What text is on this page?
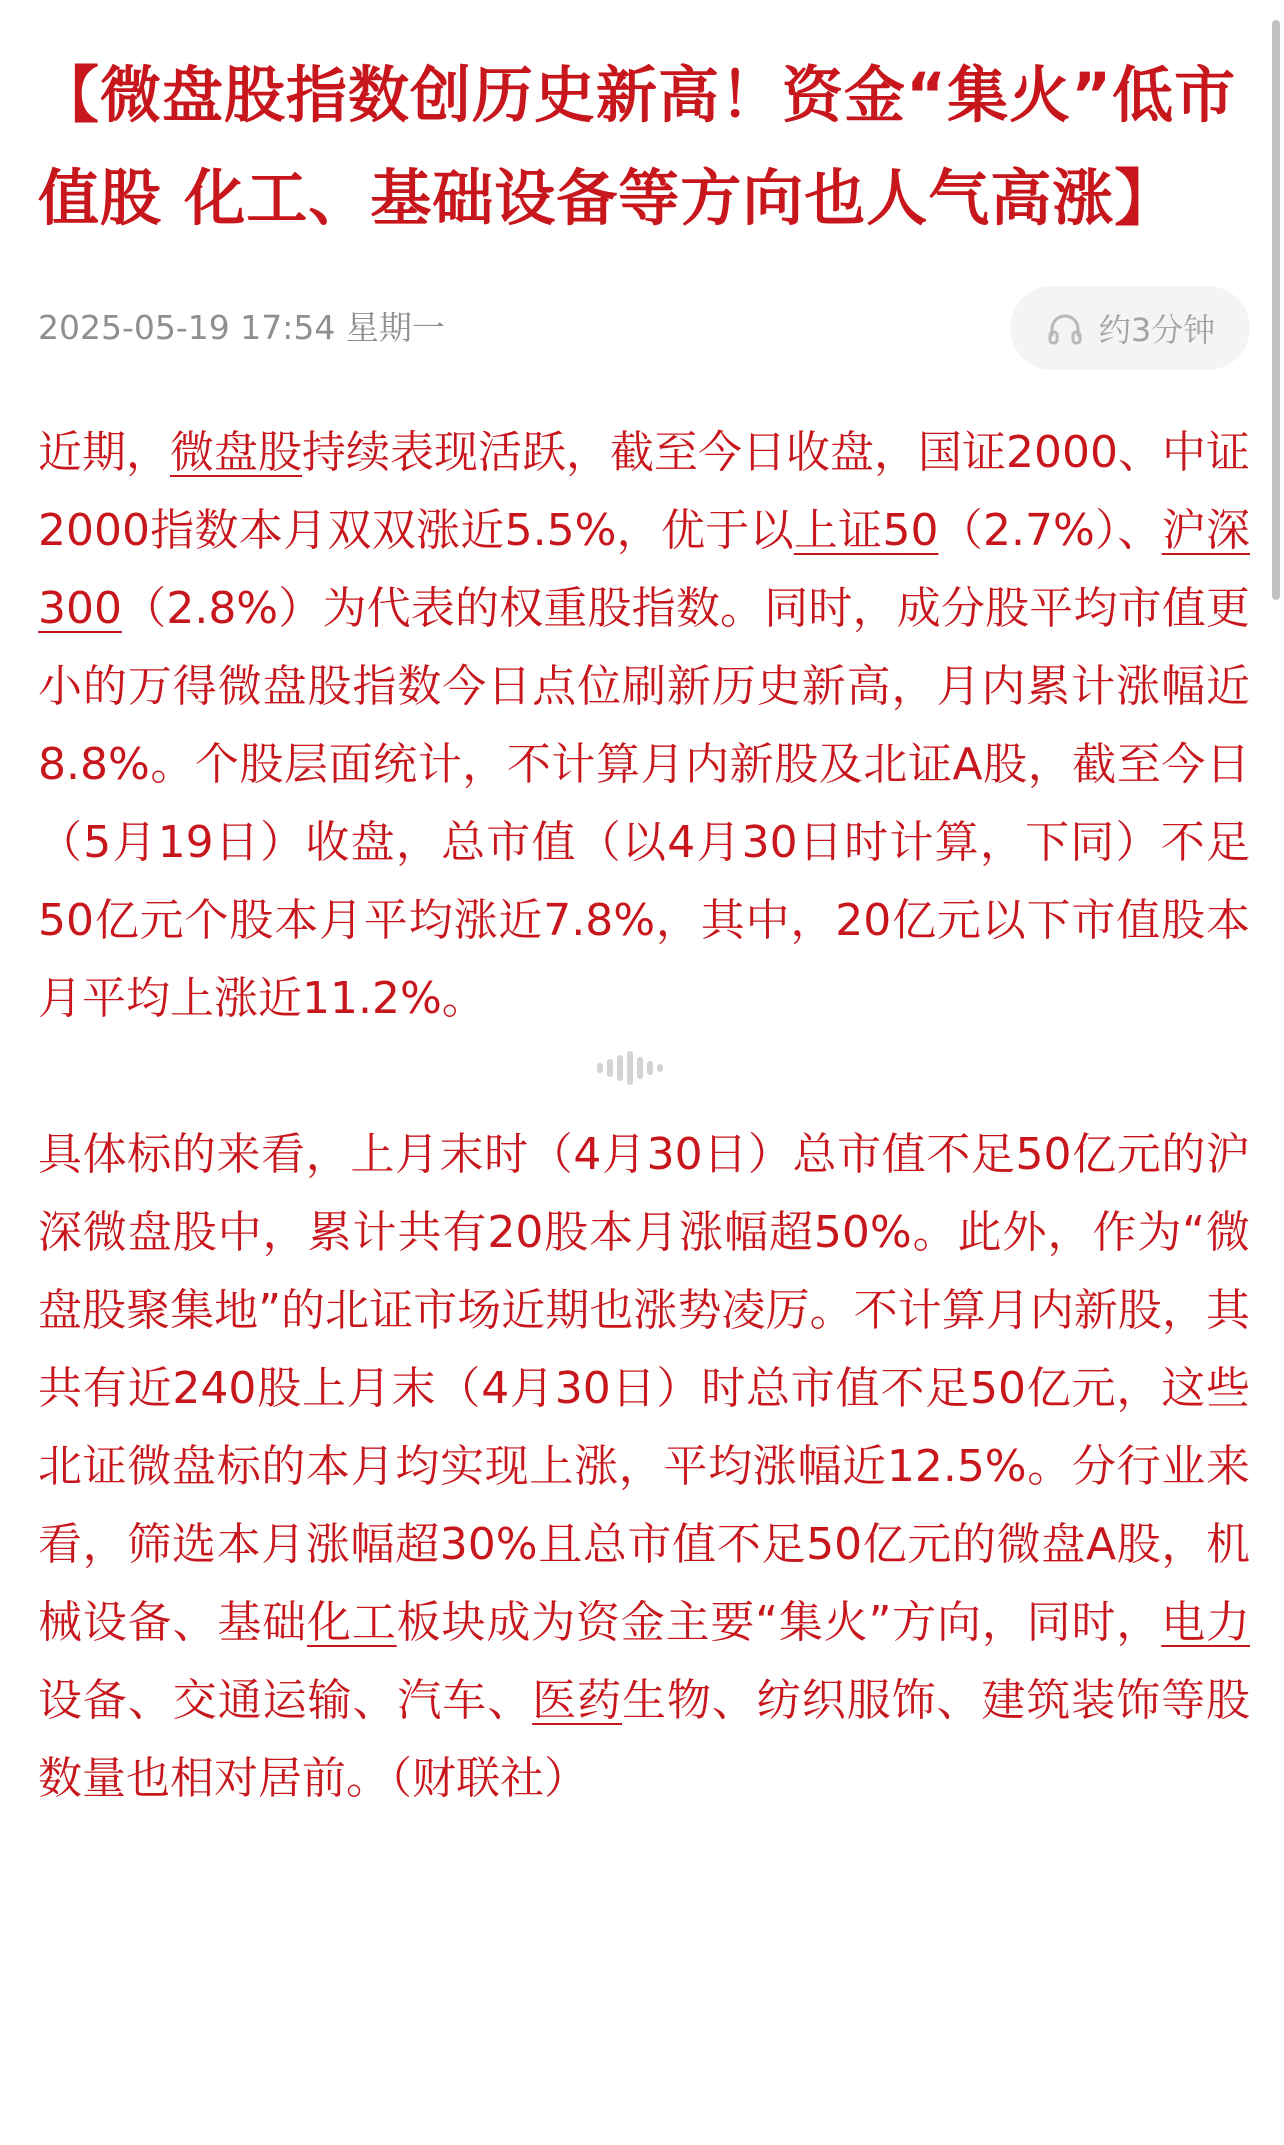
【微盘股指数创历史新高！资金“集火”低市值股 化工、基础设备等方向也人气高涨】
2025-05-19 17:54 星期一	约3分钟

近期，微盘股持续表现活跃，截至今日收盘，国证2000、中证2000指数本月双双涨近5.5%，优于以上证50（2.7%）、沪深300（2.8%）为代表的权重股指数。同时，成分股平均市值更小的万得微盘股指数今日点位刷新历史新高，月内累计涨幅近8.8%。个股层面统计，不计算月内新股及北证A股，截至今日（5月19日）收盘，总市值（以4月30日时计算，下同）不足50亿元个股本月平均涨近7.8%，其中，20亿元以下市值股本月平均上涨近11.2%。

具体标的来看，上月末时（4月30日）总市值不足50亿元的沪深微盘股中，累计共有20股本月涨幅超50%。此外，作为“微盘股聚集地”的北证市场近期也涨势凌厉。不计算月内新股，其共有近240股上月末（4月30日）时总市值不足50亿元，这些北证微盘标的本月均实现上涨，平均涨幅近12.5%。分行业来看，筛选本月涨幅超30%且总市值不足50亿元的微盘A股，机械设备、基础化工板块成为资金主要“集火”方向，同时，电力设备、交通运输、汽车、医药生物、纺织服饰、建筑装饰等股数量也相对居前。（财联社）
